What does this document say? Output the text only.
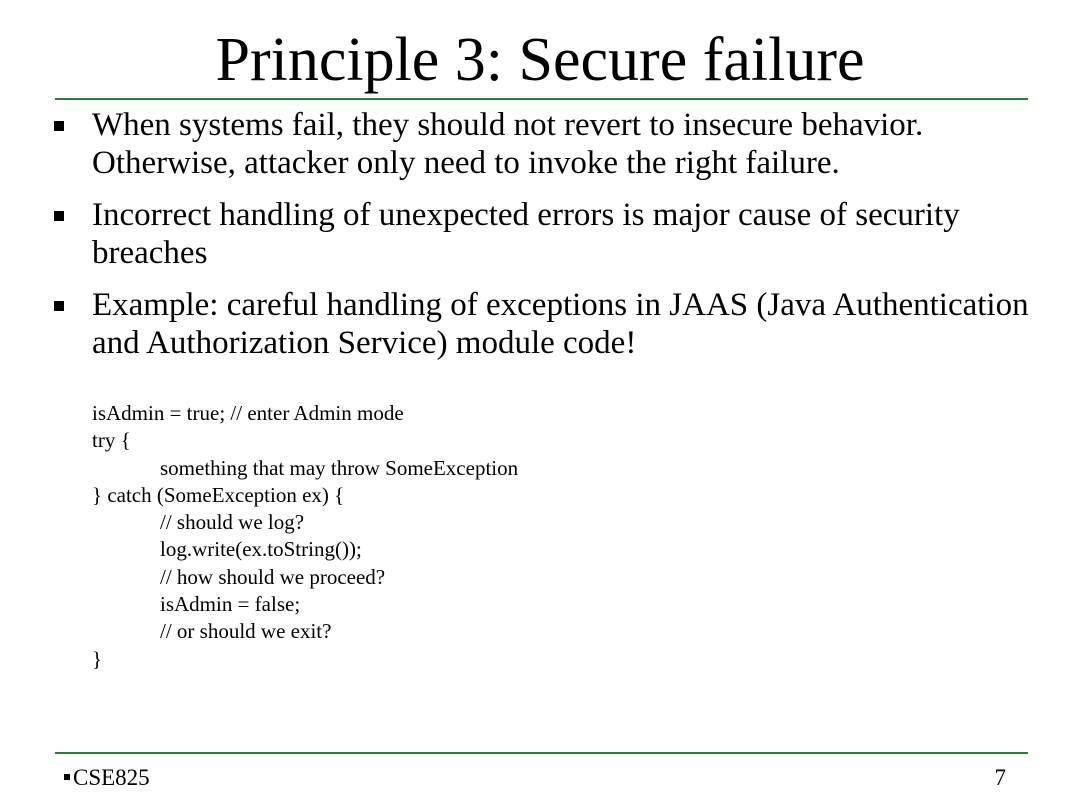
Principle 3: Secure failure
When systems fail, they should not revert to insecure behavior. Otherwise, attacker only need to invoke the right failure.
Incorrect handling of unexpected errors is major cause of security breaches
Example: careful handling of exceptions in JAAS (Java Authentication and Authorization Service) module code!
isAdmin = true; // enter Admin mode
try {
something that may throw SomeException
} catch (SomeException ex) {
// should we log?
log.write(ex.toString());
// how should we proceed?
isAdmin = false;
// or should we exit?
}
CSE825	7
